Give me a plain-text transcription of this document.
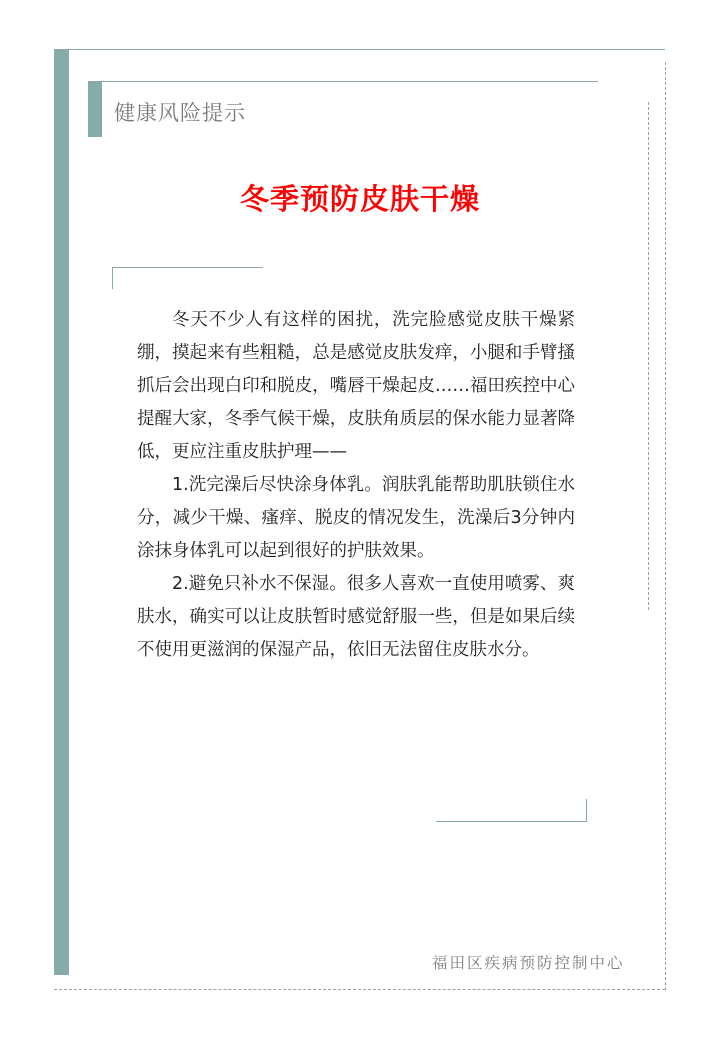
健康风险提示
冬季预防皮肤干燥

冬天不少人有这样的困扰，洗完脸感觉皮肤干燥紧绷，摸起来有些粗糙，总是感觉皮肤发痒，小腿和手臂搔抓后会出现白印和脱皮，嘴唇干燥起皮……福田疾控中心提醒大家，冬季气候干燥，皮肤角质层的保水能力显著降低，更应注重皮肤护理——

1.洗完澡后尽快涂身体乳。润肤乳能帮助肌肤锁住水分，减少干燥、瘙痒、脱皮的情况发生，洗澡后3分钟内涂抹身体乳可以起到很好的护肤效果。

2.避免只补水不保湿。很多人喜欢一直使用喷雾、爽肤水，确实可以让皮肤暂时感觉舒服一些，但是如果后续不使用更滋润的保湿产品，依旧无法留住皮肤水分。

福田区疾病预防控制中心
